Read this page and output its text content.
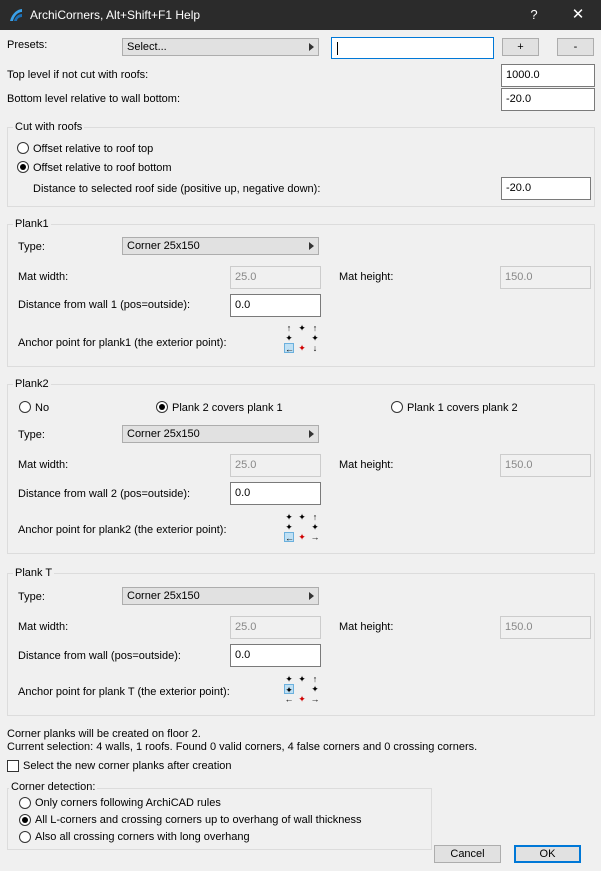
ArchiCorners, Alt+Shift+F1 Help	?	✕
Presets:	Select...	+	-
Top level if not cut with roofs:	1000.0
Bottom level relative to wall bottom:	-20.0
Cut with roofs
Offset relative to roof top
Offset relative to roof bottom
Distance to selected roof side (positive up, negative down):	-20.0
Plank1
Type:	Corner 25x150
Mat width:	25.0	Mat height:	150.0
Distance from wall 1 (pos=outside):	0.0
Anchor point for plank1 (the exterior point):
↑ ✦ ↑
✦ ✦
← ✦ ↓
Plank2
No	Plank 2 covers plank 1	Plank 1 covers plank 2
Type:	Corner 25x150
Mat width:	25.0	Mat height:	150.0
Distance from wall 2 (pos=outside):	0.0
Anchor point for plank2 (the exterior point):
✦ ✦ ↑
✦ ✦
← ✦ →
Plank T
Type:	Corner 25x150
Mat width:	25.0	Mat height:	150.0
Distance from wall (pos=outside):	0.0
Anchor point for plank T (the exterior point):
✦ ✦ ↑
✦ ✦
← ✦ →
Corner planks will be created on floor 2.
Current selection: 4 walls, 1 roofs. Found 0 valid corners, 4 false corners and 0 crossing corners.
Select the new corner planks after creation
Corner detection:
Only corners following ArchiCAD rules
All L-corners and crossing corners up to overhang of wall thickness
Also all crossing corners with long overhang
Cancel	OK
